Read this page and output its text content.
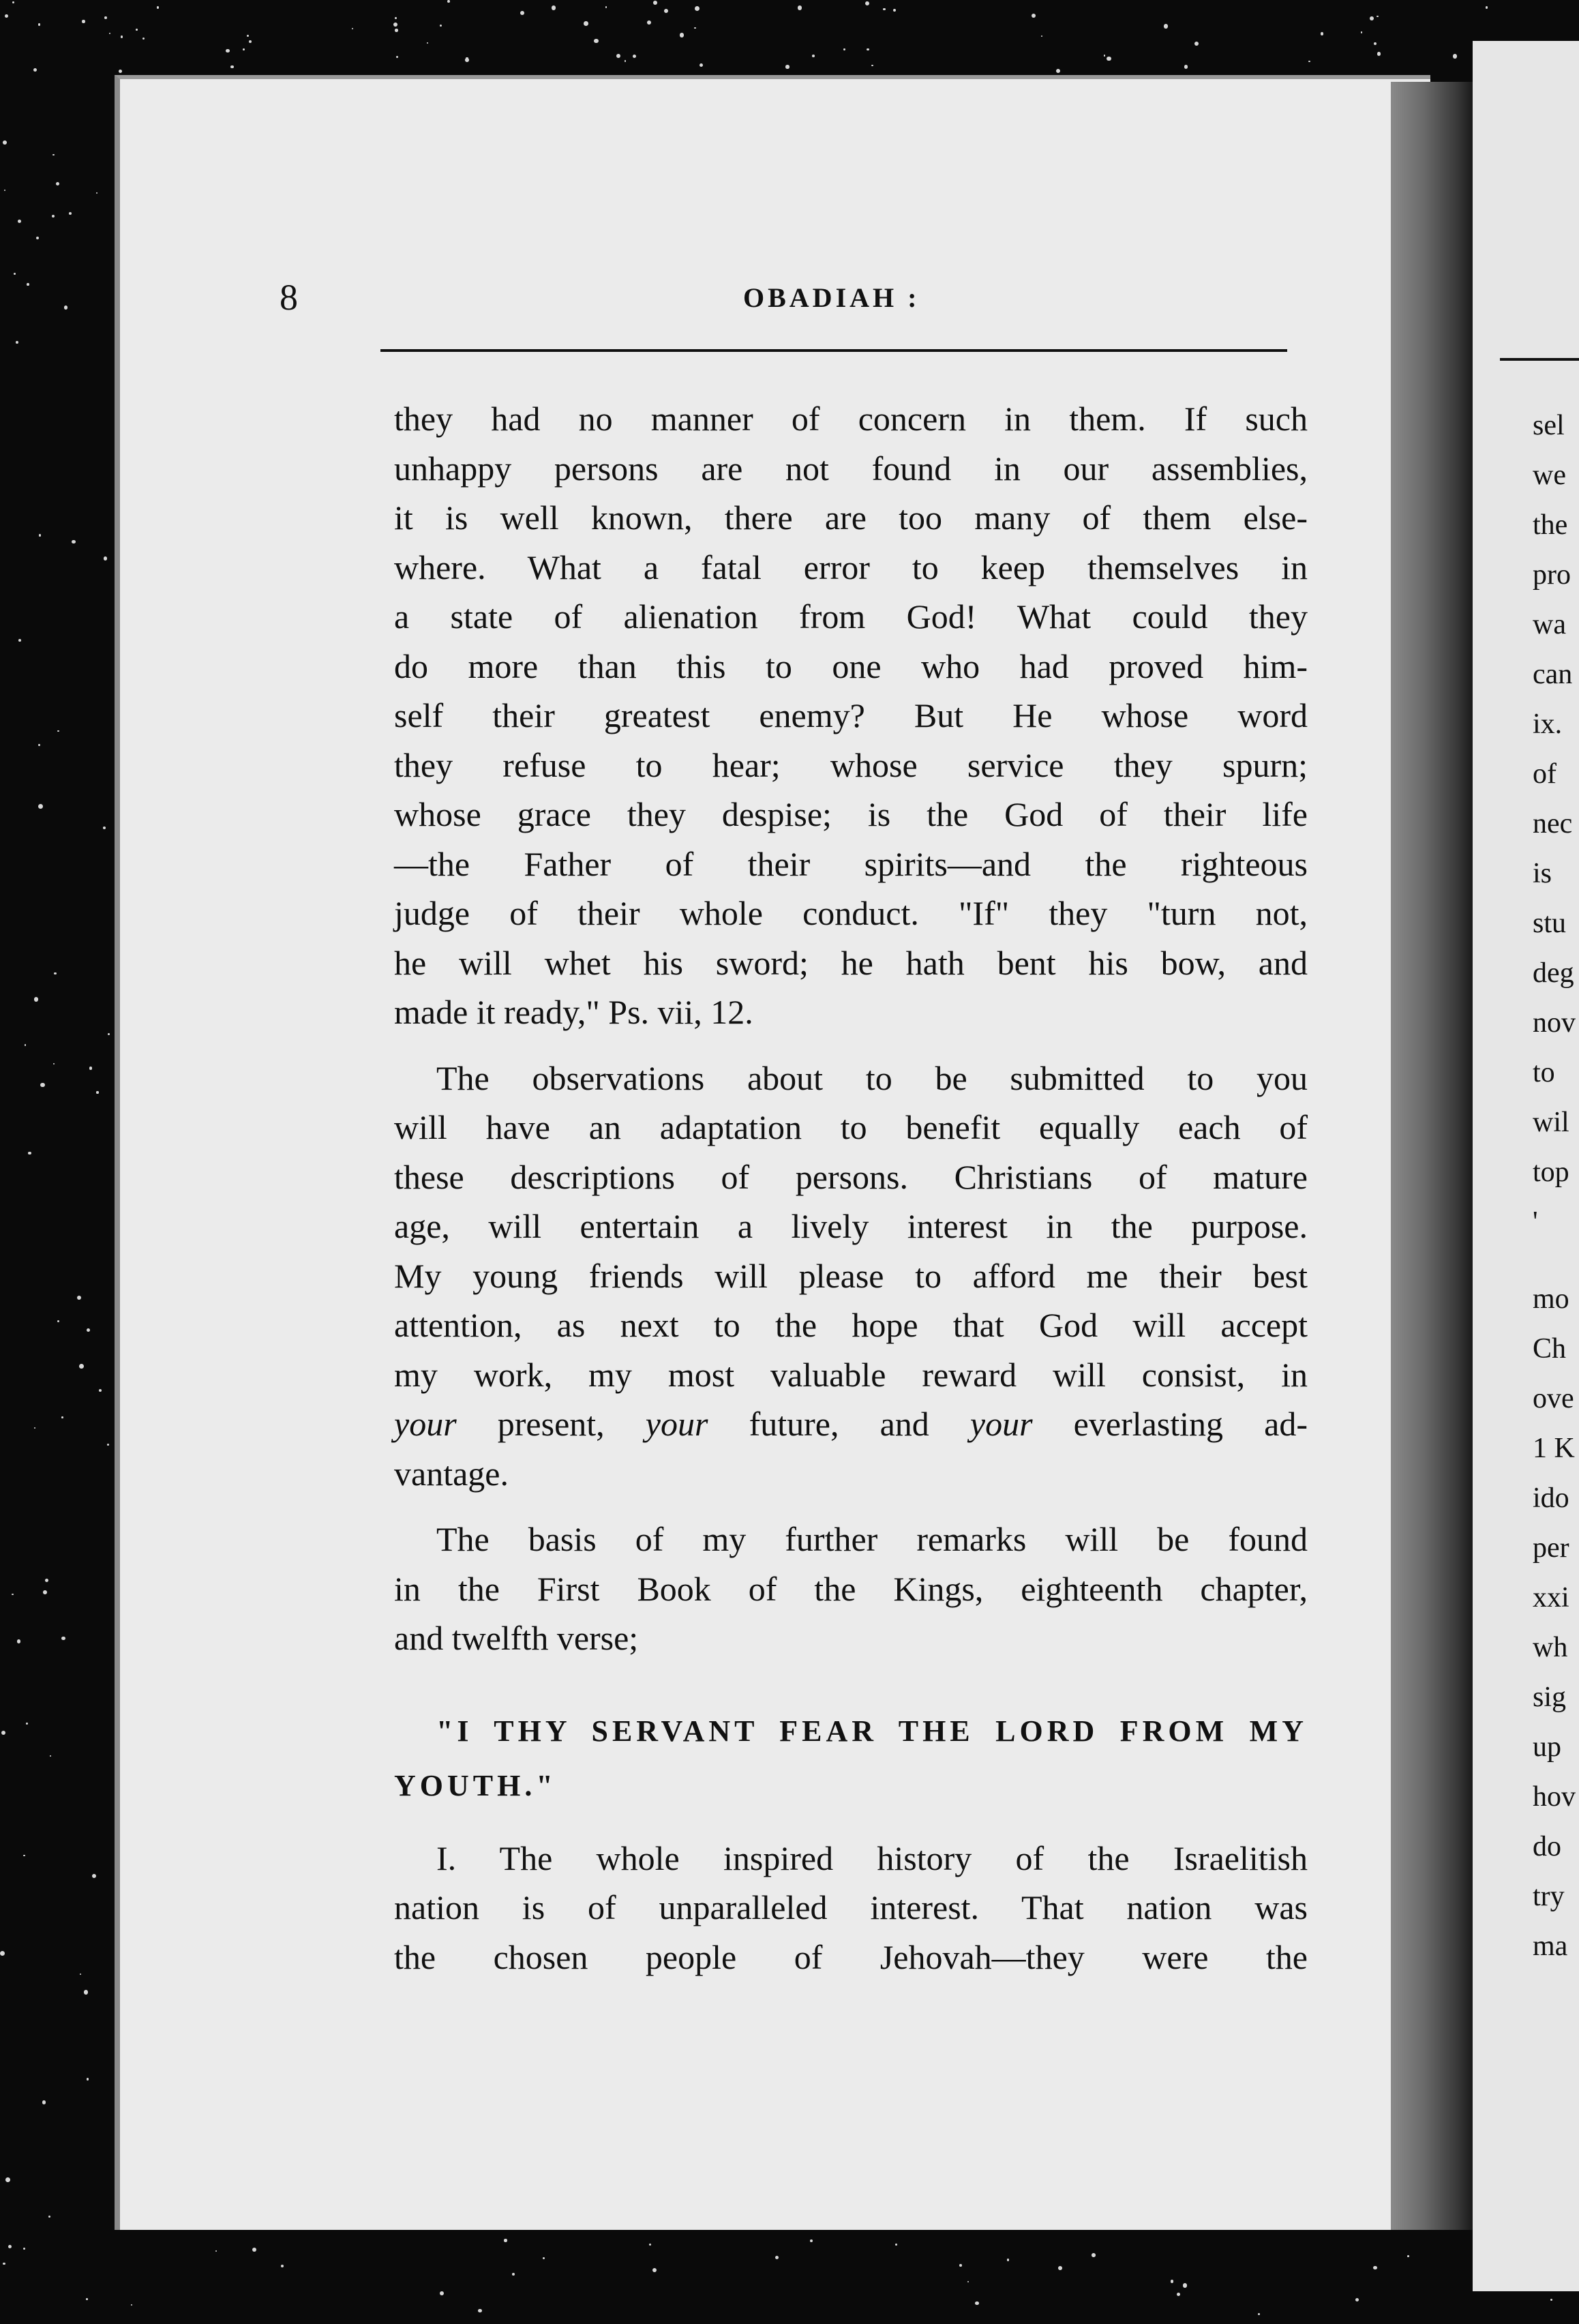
sel
we
the
pro
wa
can
ix.
of
nec
is
stu
deg
nov
to
wil
top
'
mo
Ch
ove
1 K
ido
per
xxi
wh
sig
up
hov
do
try
ma
8	OBADIAH :
they had no manner of concern in them. If such
unhappy persons are not found in our assemblies,
it is well known, there are too many of them else-
where. What a fatal error to keep themselves in
a state of alienation from God! What could they
do more than this to one who had proved him-
self their greatest enemy? But He whose word
they refuse to hear; whose service they spurn;
whose grace they despise; is the God of their life
—the Father of their spirits—and the righteous
judge of their whole conduct. "If" they "turn not,
he will whet his sword; he hath bent his bow, and
made it ready," Ps. vii, 12.
The observations about to be submitted to you
will have an adaptation to benefit equally each of
these descriptions of persons. Christians of mature
age, will entertain a lively interest in the purpose.
My young friends will please to afford me their best
attention, as next to the hope that God will accept
my work, my most valuable reward will consist, in
your present, your future, and your everlasting ad-
vantage.
The basis of my further remarks will be found
in the First Book of the Kings, eighteenth chapter,
and twelfth verse;
"I THY SERVANT FEAR THE LORD FROM MY
YOUTH."
I. The whole inspired history of the Israelitish
nation is of unparalleled interest. That nation was
the chosen people of Jehovah—they were the
